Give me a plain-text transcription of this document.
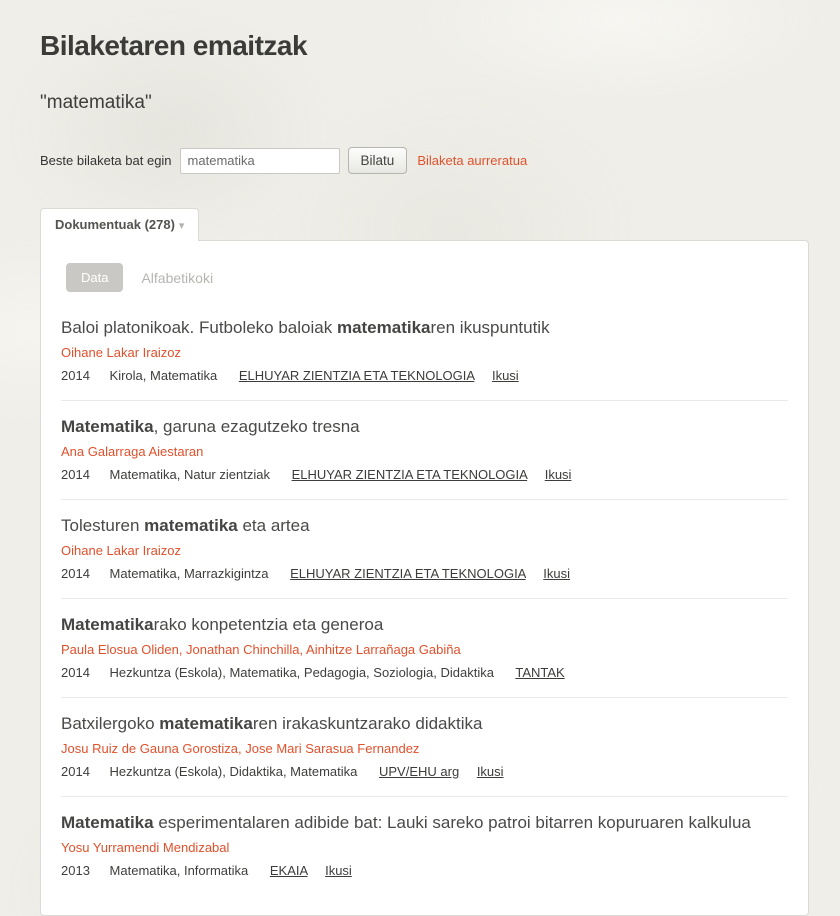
Bilaketaren emaitzak
"matematika"
Beste bilaketa bat egin
matematika	Bilatu	Bilaketa aurreratua
Dokumentuak (278) ▾
Data	Alfabetikoki
Baloi platonikoak. Futboleko baloiak matematikaren ikuspuntutik
Oihane Lakar Iraizoz
2014 Kirola, Matematika ELHUYAR ZIENTZIA ETA TEKNOLOGIA Ikusi
Matematika, garuna ezagutzeko tresna
Ana Galarraga Aiestaran
2014 Matematika, Natur zientziak ELHUYAR ZIENTZIA ETA TEKNOLOGIA Ikusi
Tolesturen matematika eta artea
Oihane Lakar Iraizoz
2014 Matematika, Marrazkigintza ELHUYAR ZIENTZIA ETA TEKNOLOGIA Ikusi
Matematikarako konpetentzia eta generoa
Paula Elosua Oliden, Jonathan Chinchilla, Ainhitze Larrañaga Gabiña
2014 Hezkuntza (Eskola), Matematika, Pedagogia, Soziologia, Didaktika TANTAK
Batxilergoko matematikaren irakaskuntzarako didaktika
Josu Ruiz de Gauna Gorostiza, Jose Mari Sarasua Fernandez
2014 Hezkuntza (Eskola), Didaktika, Matematika UPV/EHU arg Ikusi
Matematika esperimentalaren adibide bat: Lauki sareko patroi bitarren kopuruaren kalkulua
Yosu Yurramendi Mendizabal
2013 Matematika, Informatika EKAIA Ikusi
